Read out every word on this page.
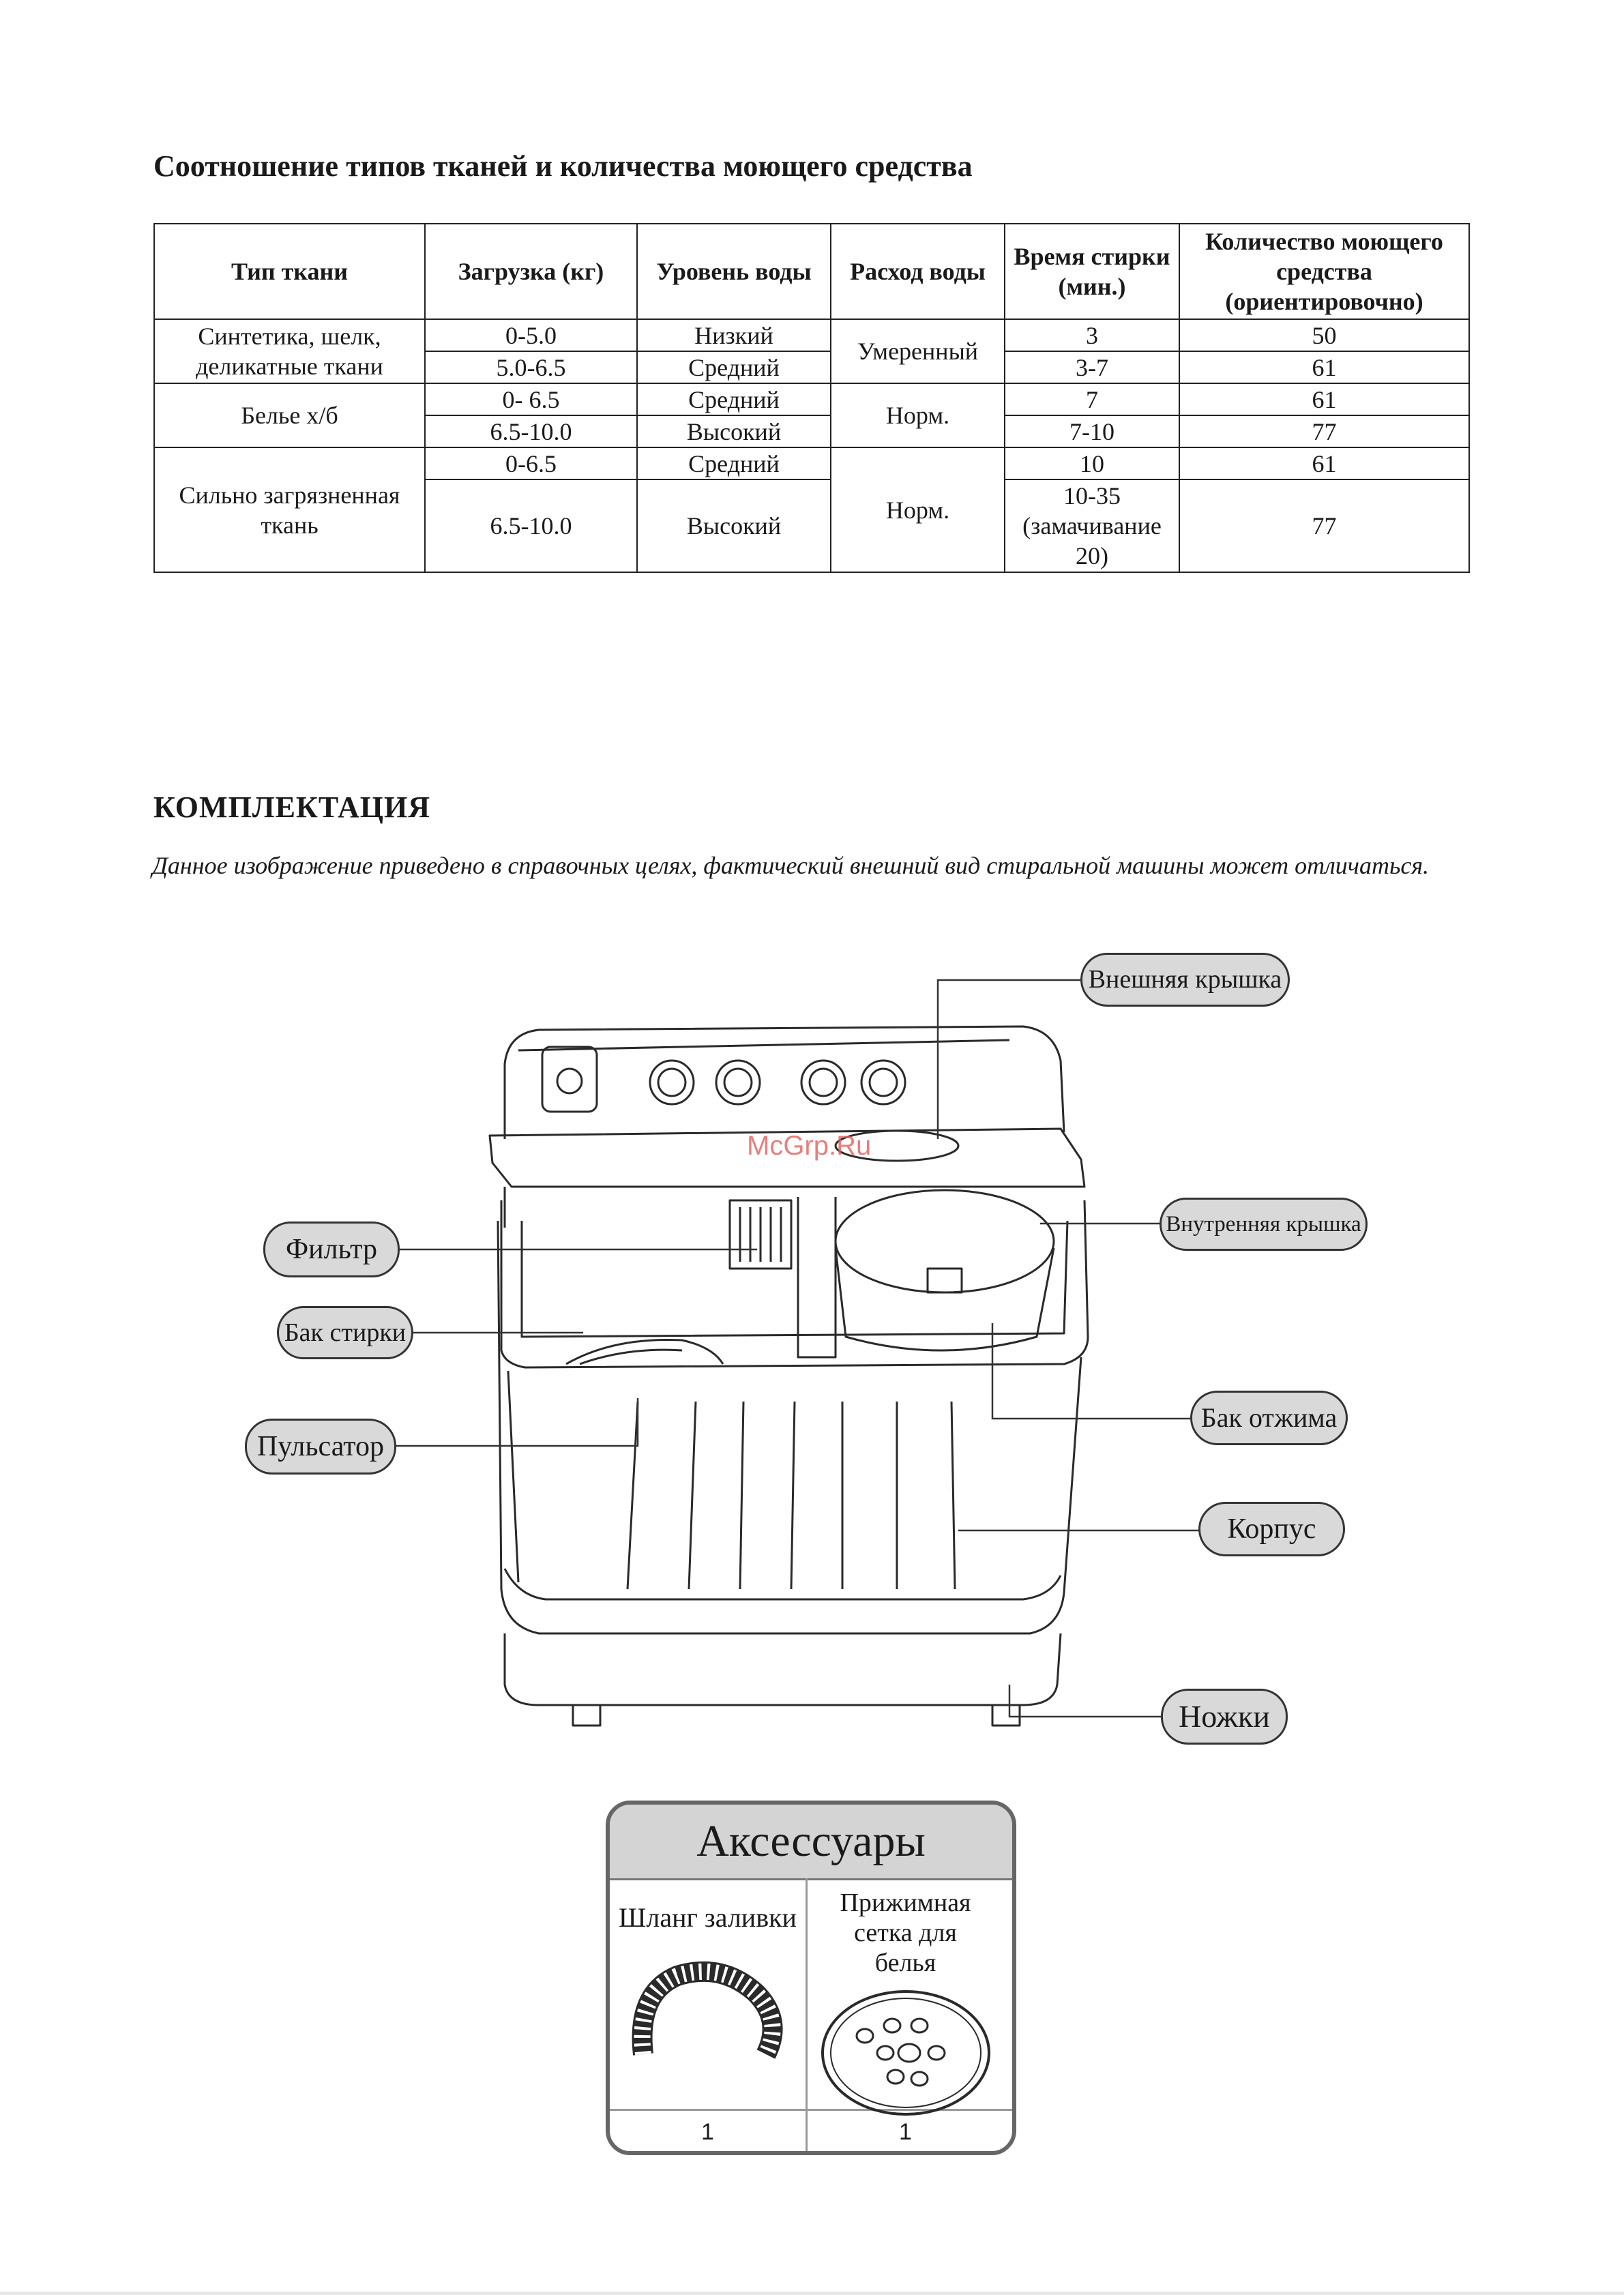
Соотношение типов тканей и количества моющего средства
Тип ткани	Загрузка (кг)	Уровень воды	Расход воды	Время стирки (мин.)	Количество моющего средства (ориентировочно)
Синтетика, шелк, деликатные ткани	0-5.0	Низкий	Умеренный	3	50
	5.0-6.5	Средний		3-7	61
Белье х/б	0- 6.5	Средний	Норм.	7	61
	6.5-10.0	Высокий		7-10	77
Сильно загрязненная ткань	0-6.5	Средний	Норм.	10	61
	6.5-10.0	Высокий		10-35 (замачивание 20)	77
КОМПЛЕКТАЦИЯ
Данное изображение приведено в справочных целях, фактический внешний вид стиральной машины может отличаться.
Внешняя крышка
Внутренняя крышка
Фильтр
Бак стирки
Пульсатор
Бак отжима
Корпус
Ножки
McGrp.Ru
Аксессуары
Шланг заливки	Прижимная сетка для белья
1	1
